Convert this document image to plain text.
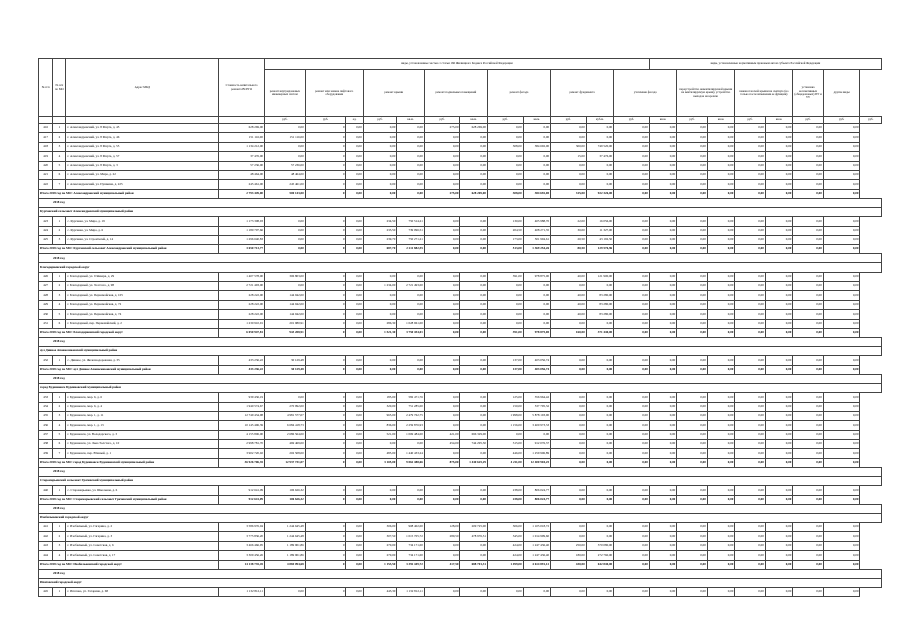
№ п/п	№ п/п по МО	Адрес МКД	Стоимость капитального ремонта ВСЕГО	виды, установленные частью 1 статьи 166 Жилищного Кодекса Российской Федерации												виды, установленные нормативным правовым актом субъекта Российской Федерации							
				ремонт внутридомовых инженерных систем	ремонт или замена лифтового оборудования		ремонт крыши		ремонт подвальных помещений		ремонт фасада		ремонт фундамента		утепление фасада		переустройство невентилируемой крыши на вентилируемую крышу, устройство выходов на кровлю		замена плоской крыши на скатную (но только после изменения ее функции)		установка коллективных (общедомовых) ПУ и УУ	другие виды	
				руб.	руб.	ед.	руб.	кв.м.	руб.	кв.м.	руб.	кв.м.	руб.	куб.м.	руб.	кв.м.	руб.	кв.м.	руб.	кв.м.	руб.	руб.	руб.
416	1	г. Александровский, ул. 8 Марта, д. 45	628 269,00	0,00	0	0,00	0,00	0,00	275,00	628 269,00	0,00	0,00	0,00	0,00	0,00	0,00	0,00	0,00	0,00	0,00	0,00	0,00	
417	2	г. Александровский, ул. 8 Марта, д. 46	151 116,00	151 116,00	0	0,00	0,00	0,00	0,00	0,00	0,00	0,00	0,00	0,00	0,00	0,00	0,00	0,00	0,00	0,00	0,00	0,00	
418	3	г. Александровский, ул. 8 Марта, д. 55	1 134 212,00	0,00	0	0,00	0,00	0,00	0,00	0,00	308,00	384 692,00	300,00	749 520,00	0,00	0,00	0,00	0,00	0,00	0,00	0,00	0,00	
419	4	г. Александровский, ул. 8 Марта, д. 57	37 476,00	0,00	0	0,00	0,00	0,00	0,00	0,00	0,00	0,00	15,00	37 476,00	0,00	0,00	0,00	0,00	0,00	0,00	0,00	0,00	
420	5	г. Александровский, ул. 8 Марта, д. 3	57 236,00	57 236,00	0	0,00	0,00	0,00	0,00	0,00	0,00	0,00	0,00	0,00	0,00	0,00	0,00	0,00	0,00	0,00	0,00	0,00	
421	6	г. Александровский, ул. Мира, д. 22	48 464,00	48 464,00	0	0,00	0,00	0,00	0,00	0,00	0,00	0,00	0,00	0,00	0,00	0,00	0,00	0,00	0,00	0,00	0,00	0,00	
422	7	г. Александровский, ул. Пушкина, д. 225	245 461,00	245 461,00	0	0,00	0,00	0,00	0,00	0,00	0,00	0,00	0,00	0,00	0,00	0,00	0,00	0,00	0,00	0,00	0,00	0,00	
Итого 2018 год по МО: Александровский муниципальный район			2 793 449,00	500 143,00	0	0,00	0,00	0,00	275,00	628 269,00	308,00	384 692,00	315,00	922 326,00	0,00	0,00	0,00	0,00	0,00	0,00	0,00	0,00	
2018 год																							
Курганский сельсовет Александровский муниципальный район																							
423	1	с. Курганка, ул. Мира, д. 19	1 173 308,93	0,00	0	0,00	234,50	750 514,21	0,00	0,00	130,00	405 988,70	22,00	16 056,00	0,00	0,00	0,00	0,00	0,00	0,00	0,00	0,00	
424	2	с. Курганка, ул. Мира, д. 6	1 180 707,66	0,00	0	0,00	233,50	739 096,51	0,00	0,00	204,50	408 271,35	30,00	11 327,00	0,00	0,00	0,00	0,00	0,00	0,00	0,00	0,00	
425	3	с. Курганка, ул. Строителей, д. 14	1 296 640,83	0,00	0	0,00	239,70	750 271,21	0,00	0,00	173,00	501 994,61	20,50	43 192,50	0,00	0,00	0,00	0,00	0,00	0,00	0,00	0,00	
Итого 2018 год по МО: Курганский сельсовет Александровский муниципальный район			3 650 713,77	0,00	0	0,00	687,70	2 211 882,55	0,00	0,00	513,00	1 369 254,26	80,50	129 576,96	0,00	0,00	0,00	0,00	0,00	0,00	0,00	0,00	
2018 год																							
Благодарненский городской округ																							
426	1	г. Благодарный, ул. 9 Января, д. 29	1 407 578,00	306 803,00	0	0,00	0,00	0,00	0,00	0,00	391,00	978 875,00	40,00	121 900,00	0,00	0,00	0,00	0,00	0,00	0,00	0,00	0,00	
427	2	г. Благодарный, ул. Толстого, д. 98	2 721 493,00	0,00	0	0,00	1 234,00	2 721 493,00	0,00	0,00	0,00	0,00	0,00	0,00	0,00	0,00	0,00	0,00	0,00	0,00	0,00	0,00	
428	3	г. Благодарный, ул. Первомайская, д. 105	228 222,00	144 942,00	0	0,00	0,00	0,00	0,00	0,00	0,00	0,00	40,00	83 280,00	0,00	0,00	0,00	0,00	0,00	0,00	0,00	0,00	
429	4	г. Благодарный, ул. Первомайская, д. 72	228 222,00	144 942,00	0	0,00	0,00	0,00	0,00	0,00	0,00	0,00	40,00	83 280,00	0,00	0,00	0,00	0,00	0,00	0,00	0,00	0,00	
430	5	г. Благодарный, ул. Первомайская, д. 74	228 222,00	144 942,00	0	0,00	0,00	0,00	0,00	0,00	0,00	0,00	40,00	83 280,00	0,00	0,00	0,00	0,00	0,00	0,00	0,00	0,00	
431	6	г. Благодарный, пер. Первомайский, д. 2	1 230 910,91	201 980,91	0	0,00	286,30	1 028 961,00	0,00	0,00	0,00	0,00	0,00	0,00	0,00	0,00	0,00	0,00	0,00	0,00	0,00	0,00	
Итого 2018 год по МО: Благодарненский городской округ			6 050 947,81	943 208,91	0	0,00	1 521,30	3 750 454,01	0,00	0,00	391,00	978 875,00	160,00	371 440,00	0,00	0,00	0,00	0,00	0,00	0,00	0,00	0,00	
2018 год																							
аул Дивное Апанасенковский муниципальный район																							
432	1	с. Дивное, ул. Железнодорожная, д. 35	433 236,22	30 129,48	0	0,00	0,00	0,00	0,00	0,00	137,00	403 056,74	0,00	0,00	0,00	0,00	0,00	0,00	0,00	0,00	0,00	0,00	
Итого 2018 год по МО: аул Дивное Апанасенковский муниципальный район			433 236,22	30 129,48	0	0,00	0,00	0,00	0,00	0,00	137,00	403 056,74	0,00	0,00	0,00	0,00	0,00	0,00	0,00	0,00	0,00	0,00	
2018 год																							
город Буденновск Буденновский муниципальный район																							
433	1	г. Буденновск, мкр. 6, д. 6	939 436,19	0,00	0	0,00	185,00	582 471,76	0,00	0,00	125,00	356 964,42	0,00	0,00	0,00	0,00	0,00	0,00	0,00	0,00	0,00	0,00	
434	2	г. Буденновск, мкр. 6, д. 4	1 940 574,67	270 992,00	0	0,00	320,00	751 285,00	0,00	0,00	150,00	537 795,32	0,00	0,00	0,00	0,00	0,00	0,00	0,00	0,00	0,00	0,00	
435	3	г. Буденновск, мкр. 1, д. 11	12 749 434,98	4 981 577,07	0	0,00	965,00	2 479 762,75	0,00	0,00	1 998,00	5 878 193,90	0,00	0,00	0,00	0,00	0,00	0,00	0,00	0,00	0,00	0,00	
436	4	г. Буденновск, мкр. 1, д. 13	10 145 496,39	6 684 418,73	0	0,00	836,00	2 259 876,93	0,00	0,00	1 156,00	3 400 973,33	0,00	0,00	0,00	0,00	0,00	0,00	0,00	0,00	0,00	0,00	
437	5	г. Буденновск, ул. Володарского, д. 3	4 155 806,00	2 686 564,00	0	0,00	521,00	1 069 484,00	421,00	696 329,00	0,00	0,00	0,00	0,00	0,00	0,00	0,00	0,00	0,00	0,00	0,00	0,00	
438	6	г. Буденновск, ул. Льва Толстого, д. 10	2 998 781,70	469 469,00	0	0,00	0,00	0,00	454,00	744 295,30	315,00	912 076,37	0,00	0,00	0,00	0,00	0,00	0,00	0,00	0,00	0,00	0,00	
439	7	г. Буденновск, пер. Южный, д. 1	3 902 720,02	202 508,00	0	0,00	485,00	1 440 433,24	0,00	0,00	446,00	1 259 906,89	0,00	0,00	0,00	0,00	0,00	0,00	0,00	0,00	0,00	0,00	
Итого 2018 год по МО: город Буденновск Буденновский муниципальный район			36 926 706,35	12 937 731,07	0	0,00	3 105,00	9 062 488,66	875,00	1 440 625,29	4 211,00	12 400 904,25	0,00	0,00	0,00	0,00	0,00	0,00	0,00	0,00	0,00	0,00	
2018 год																							
Старомарьевский сельсовет Грачевский муниципальный район																							
440	1	с. Старомарьевка, ул. Школьная, д. 6	912 641,09	106 626,32	0	0,00	0,00	0,00	0,00	0,00	238,00	806 024,77	0,00	0,00	0,00	0,00	0,00	0,00	0,00	0,00	0,00	0,00	
Итого 2018 год по МО: Старомарьевский сельсовет Грачевский муниципальный район			912 641,09	106 626,32	0	0,00	0,00	0,00	0,00	0,00	238,00	806 024,77	0,00	0,00	0,00	0,00	0,00	0,00	0,00	0,00	0,00	0,00	
2018 год																							
Изобильненский городской округ																							
441	1	г. Изобильный, ул. Гагарина, д. 2	3 586 976,04	1 244 645,48	0	0,00	306,00	908 402,00	128,00	209 725,00	306,00	1 105 018,72	0,00	0,00	0,00	0,00	0,00	0,00	0,00	0,00	0,00	0,00	
442	2	г. Изобильный, ул. Гагарина, д. 3	3 775 836,20	1 244 645,48	0	0,00	307,50	1 015 705,72	289,50	478 976,31	345,00	1 014 999,60	0,00	0,00	0,00	0,00	0,00	0,00	0,00	0,00	0,00	0,00	
443	3	г. Изобильный, ул. Советская, д. 6	3 466 466,95	1 189 901,86	0	0,00	270,00	734 171,00	0,00	0,00	424,00	1 247 436,40	250,00	370 080,00	0,00	0,00	0,00	0,00	0,00	0,00	0,00	0,00	
444	4	г. Изобильный, ул. Советская, д. 17	3 309 456,26	1 189 901,86	0	0,00	270,00	734 171,00	0,00	0,00	424,00	1 247 436,40	180,00	272 760,00	0,00	0,00	0,00	0,00	0,00	0,00	0,00	0,00	
Итого 2018 год по МО: Изобильненский городской округ			14 138 735,45	4 869 094,68	0	0,00	1 153,50	3 392 449,72	417,50	688 701,31	1 499,00	4 614 891,12	430,00	642 840,00	0,00	0,00	0,00	0,00	0,00	0,00	0,00	0,00	
2018 год																							
Ипатовский городской округ																							
445	1	г. Ипатово, ул. Гагарина, д. 68	1 132 812,11	0,00	0	0,00	443,30	1 132 812,11	0,00	0,00	0,00	0,00	0,00	0,00	0,00	0,00	0,00	0,00	0,00	0,00	0,00	0,00	
